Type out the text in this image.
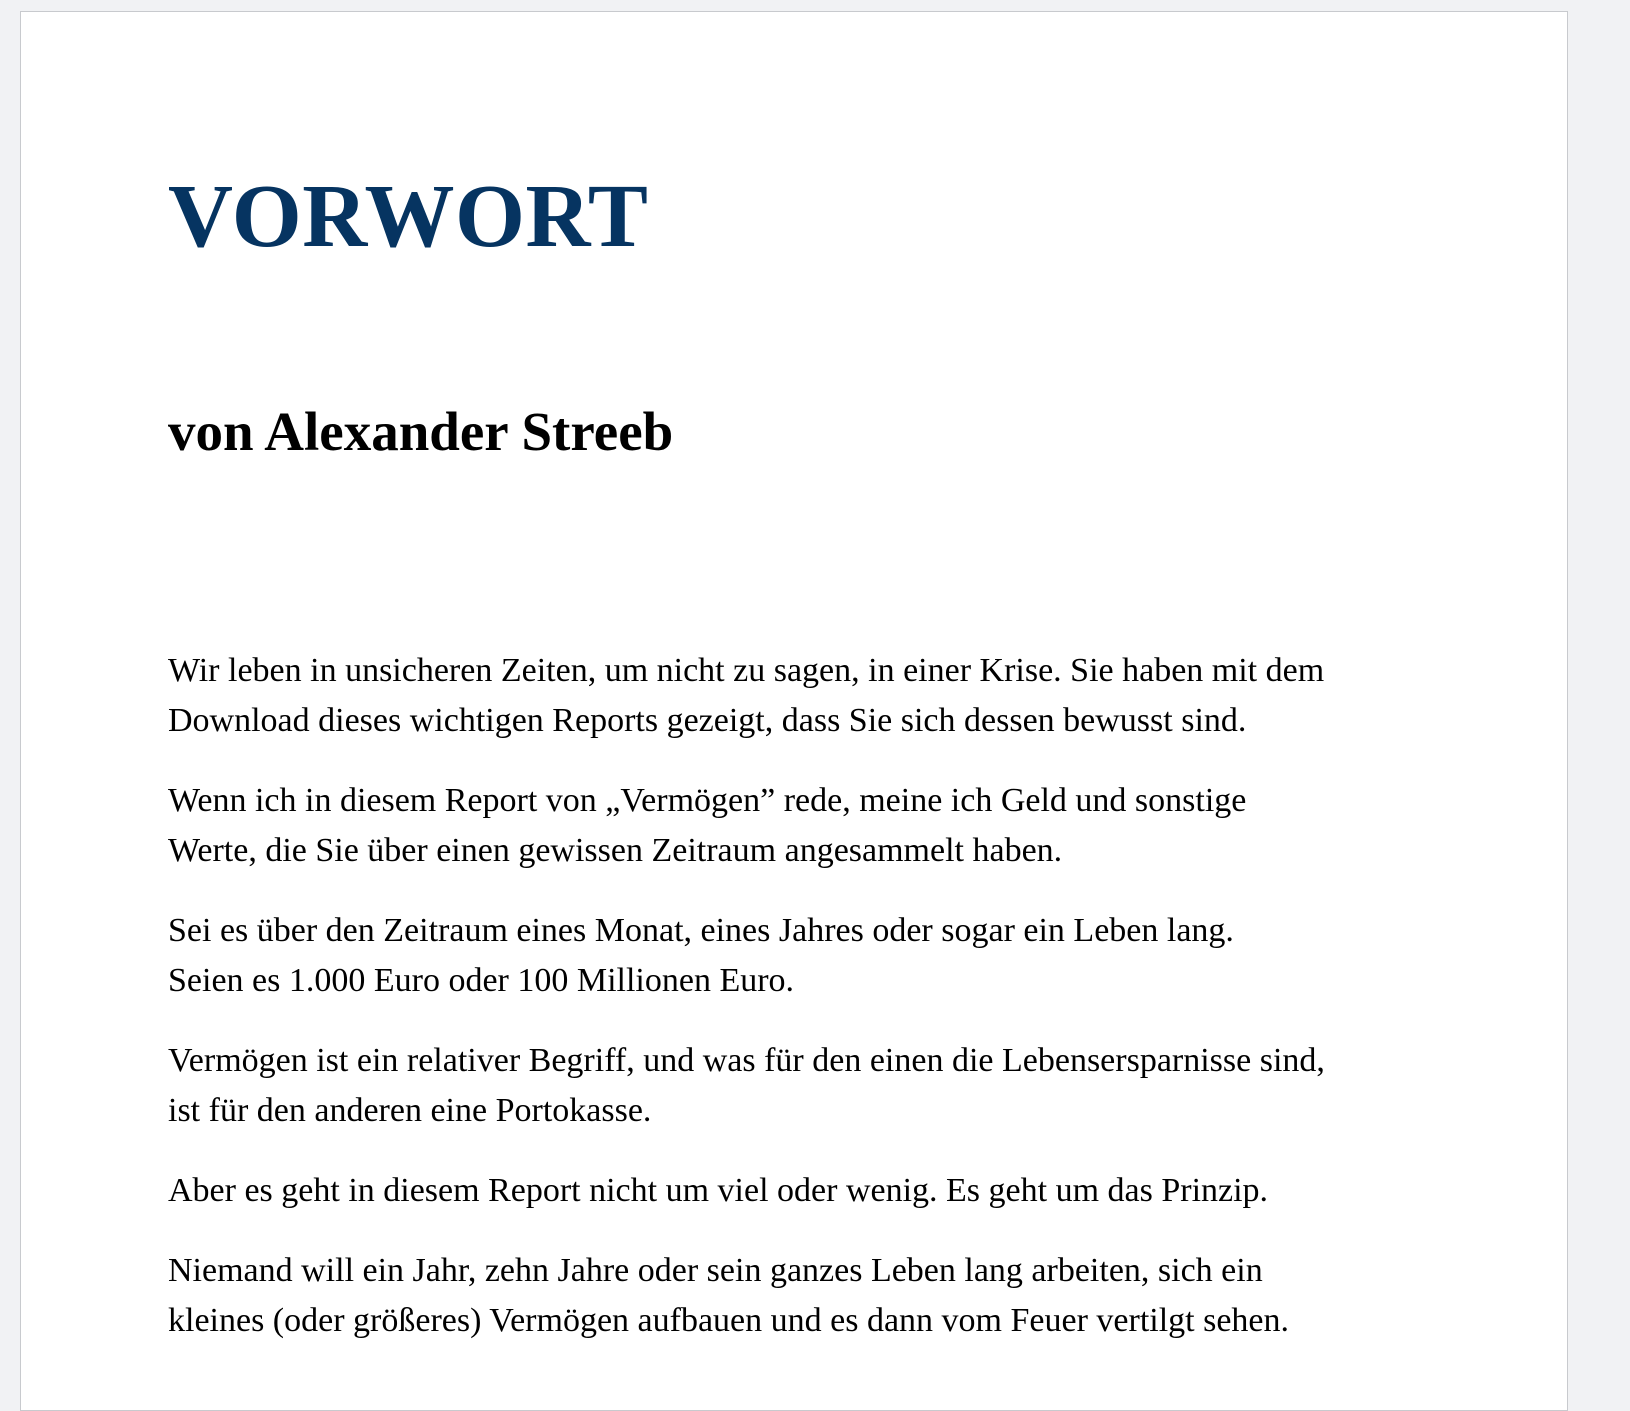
VORWORT
von Alexander Streeb

Wir leben in unsicheren Zeiten, um nicht zu sagen, in einer Krise. Sie haben mit dem
Download dieses wichtigen Reports gezeigt, dass Sie sich dessen bewusst sind.

Wenn ich in diesem Report von „Vermögen” rede, meine ich Geld und sonstige
Werte, die Sie über einen gewissen Zeitraum angesammelt haben.

Sei es über den Zeitraum eines Monat, eines Jahres oder sogar ein Leben lang.
Seien es 1.000 Euro oder 100 Millionen Euro.

Vermögen ist ein relativer Begriff, und was für den einen die Lebensersparnisse sind,
ist für den anderen eine Portokasse.

Aber es geht in diesem Report nicht um viel oder wenig. Es geht um das Prinzip.

Niemand will ein Jahr, zehn Jahre oder sein ganzes Leben lang arbeiten, sich ein
kleines (oder größeres) Vermögen aufbauen und es dann vom Feuer vertilgt sehen.
